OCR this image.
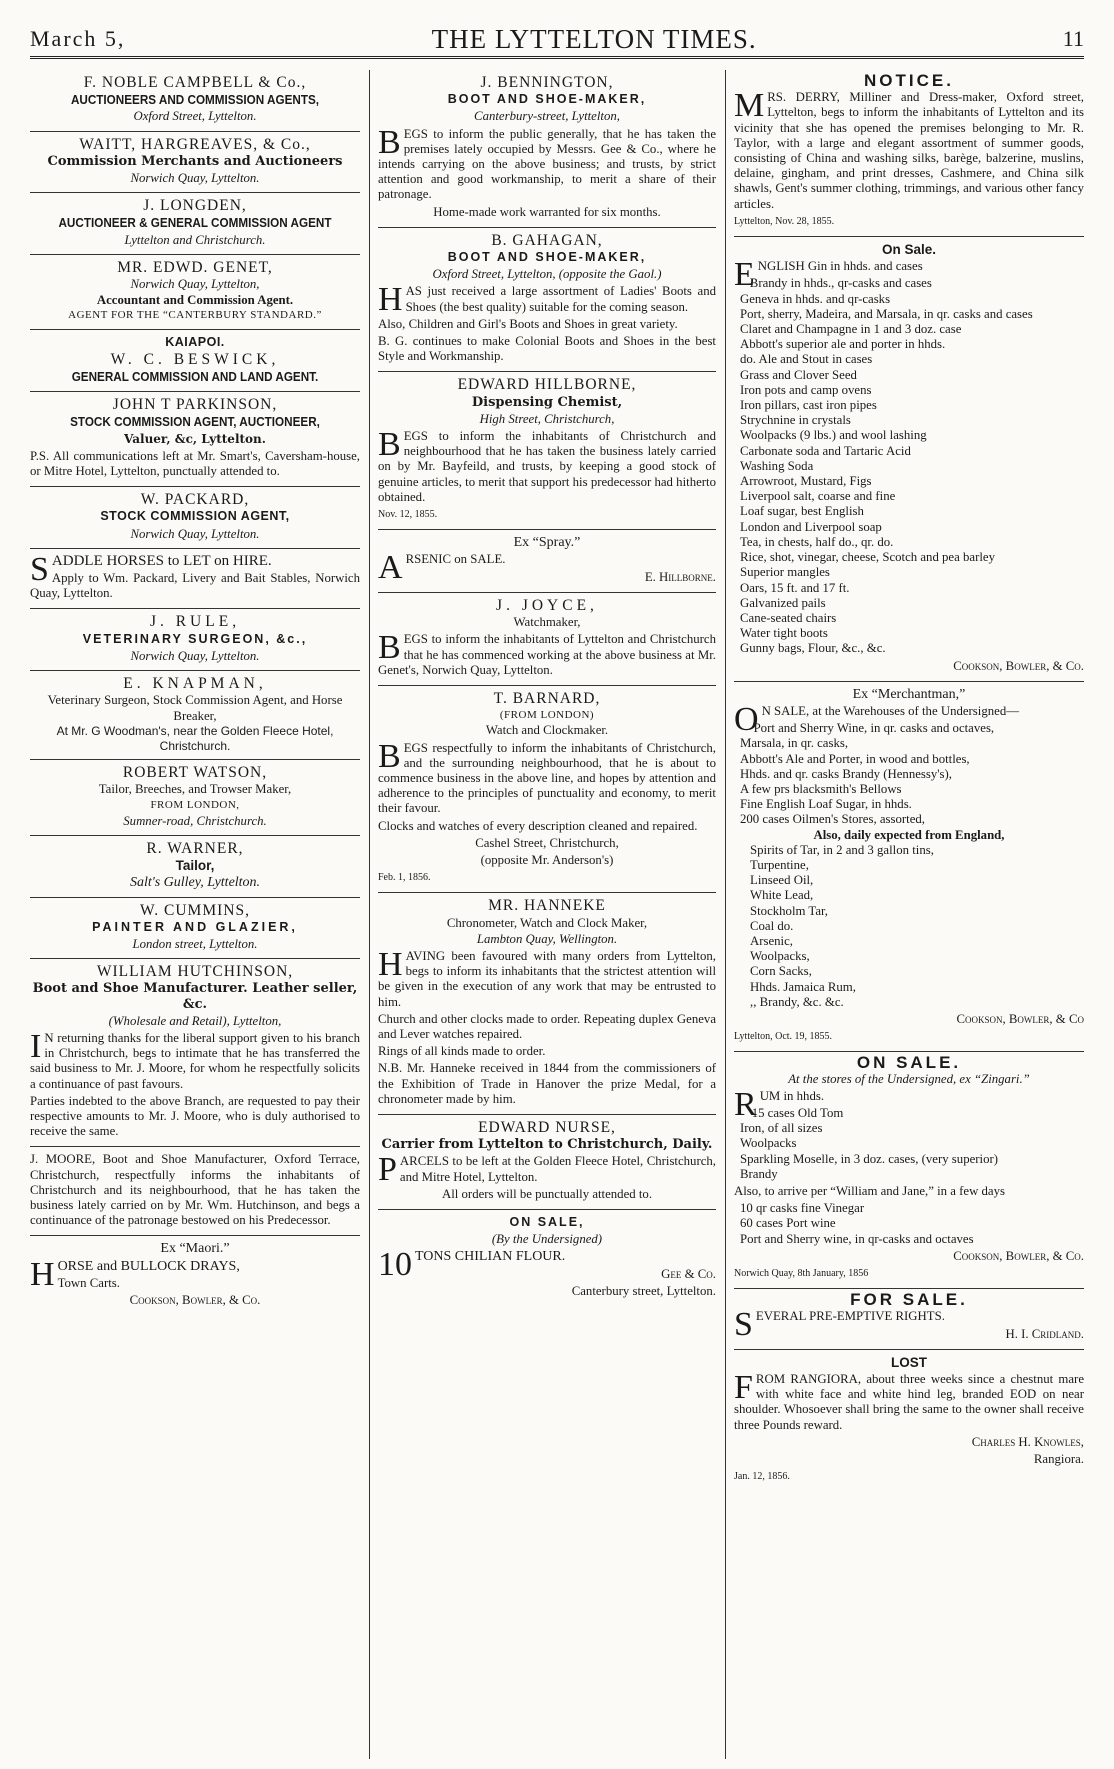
March 5,	THE LYTTELTON TIMES.	11
F. NOBLE CAMPBELL & Co.,
AUCTIONEERS AND COMMISSION AGENTS,
Oxford Street, Lyttelton.
WAITT, HARGREAVES, & Co.,
Commission Merchants and Auctioneers
Norwich Quay, Lyttelton.
J. LONGDEN,
AUCTIONEER & GENERAL COMMISSION AGENT
Lyttelton and Christchurch.
MR. EDWD. GENET,
Norwich Quay, Lyttelton,
Accountant and Commission Agent.
AGENT FOR THE “CANTERBURY STANDARD.”
KAIAPOI.
W. C. BESWICK,
GENERAL COMMISSION AND LAND AGENT.
JOHN T PARKINSON,
STOCK COMMISSION AGENT, AUCTIONEER,
Valuer, &c, Lyttelton.

P.S. All communications left at Mr. Smart's, Caversham-house, or Mitre Hotel, Lyttelton, punctually attended to.

W. PACKARD,
STOCK COMMISSION AGENT,
Norwich Quay, Lyttelton.

SADDLE HORSES to LET on HIRE.

Apply to Wm. Packard, Livery and Bait Stables, Norwich Quay, Lyttelton.

J. RULE,
VETERINARY SURGEON, &c.,
Norwich Quay, Lyttelton.
E. KNAPMAN,
Veterinary Surgeon, Stock Commission Agent, and Horse Breaker,
At Mr. G Woodman's, near the Golden Fleece Hotel, Christchurch.
ROBERT WATSON,
Tailor, Breeches, and Trowser Maker,
FROM LONDON,
Sumner-road, Christchurch.
R. WARNER,
Tailor,
Salt's Gulley, Lyttelton.
W. CUMMINS,
PAINTER AND GLAZIER,
London street, Lyttelton.
WILLIAM HUTCHINSON,
Boot and Shoe Manufacturer. Leather seller, &c.
(Wholesale and Retail), Lyttelton,

I N returning thanks for the liberal support given to his branch in Christchurch, begs to intimate that he has transferred the said business to Mr. J. Moore, for whom he respectfully solicits a continuance of past favours.

Parties indebted to the above Branch, are requested to pay their respective amounts to Mr. J. Moore, who is duly authorised to receive the same.

J. MOORE, Boot and Shoe Manufacturer, Oxford Terrace, Christchurch, respectfully informs the inhabitants of Christchurch and its neighbourhood, that he has taken the business lately carried on by Mr. Wm. Hutchinson, and begs a continuance of the patronage bestowed on his Predecessor.

Ex “Maori.”

HORSE and BULLOCK DRAYS,

Town Carts.

Cookson, Bowler, & Co.

J. BENNINGTON,
BOOT AND SHOE-MAKER,
Canterbury-street, Lyttelton,

BEGS to inform the public generally, that he has taken the premises lately occupied by Messrs. Gee & Co., where he intends carrying on the above business; and trusts, by strict attention and good workmanship, to merit a share of their patronage.

Home-made work warranted for six months.

B. GAHAGAN,
BOOT AND SHOE-MAKER,
Oxford Street, Lyttelton, (opposite the Gaol.)

HAS just received a large assortment of Ladies' Boots and Shoes (the best quality) suitable for the coming season.

Also, Children and Girl's Boots and Shoes in great variety.

B. G. continues to make Colonial Boots and Shoes in the best Style and Workmanship.

EDWARD HILLBORNE,
Dispensing Chemist,
High Street, Christchurch,

BEGS to inform the inhabitants of Christchurch and neighbourhood that he has taken the business lately carried on by Mr. Bayfeild, and trusts, by keeping a good stock of genuine articles, to merit that support his predecessor had hitherto obtained.

Nov. 12, 1855.

Ex “Spray.”

ARSENIC on SALE.

E. Hillborne.

J. JOYCE,
Watchmaker,

BEGS to inform the inhabitants of Lyttelton and Christchurch that he has commenced working at the above business at Mr. Genet's, Norwich Quay, Lyttelton.

T. BARNARD,
(FROM LONDON)
Watch and Clockmaker.

BEGS respectfully to inform the inhabitants of Christchurch, and the surrounding neighbourhood, that he is about to commence business in the above line, and hopes by attention and adherence to the principles of punctuality and economy, to merit their favour.

Clocks and watches of every description cleaned and repaired.

Cashel Street, Christchurch,

(opposite Mr. Anderson's)

Feb. 1, 1856.

MR. HANNEKE
Chronometer, Watch and Clock Maker,
Lambton Quay, Wellington.

HAVING been favoured with many orders from Lyttelton, begs to inform its inhabitants that the strictest attention will be given in the execution of any work that may be entrusted to him.

Church and other clocks made to order. Repeating duplex Geneva and Lever watches repaired.

Rings of all kinds made to order.

N.B. Mr. Hanneke received in 1844 from the commissioners of the Exhibition of Trade in Hanover the prize Medal, for a chronometer made by him.

EDWARD NURSE,
Carrier from Lyttelton to Christchurch, Daily.

PARCELS to be left at the Golden Fleece Hotel, Christchurch, and Mitre Hotel, Lyttelton.

All orders will be punctually attended to.

ON SALE,
(By the Undersigned)

10 TONS CHILIAN FLOUR.

Gee & Co.

Canterbury street, Lyttelton.

NOTICE.

MRS. DERRY, Milliner and Dress-maker, Oxford street, Lyttelton, begs to inform the inhabitants of Lyttelton and its vicinity that she has opened the premises belonging to Mr. R. Taylor, with a large and elegant assortment of summer goods, consisting of China and washing silks, barège, balzerine, muslins, delaine, gingham, and print dresses, Cashmere, and China silk shawls, Gent's summer clothing, trimmings, and various other fancy articles.

Lyttelton, Nov. 28, 1855.

On Sale.

ENGLISH Gin in hhds. and cases

Brandy in hhds., qr-casks and cases
Geneva in hhds. and qr-casks
Port, sherry, Madeira, and Marsala, in qr. casks and cases
Claret and Champagne in 1 and 3 doz. case
Abbott's superior ale and porter in hhds.
do. Ale and Stout in cases
Grass and Clover Seed
Iron pots and camp ovens
Iron pillars, cast iron pipes
Strychnine in crystals
Woolpacks (9 lbs.) and wool lashing
Carbonate soda and Tartaric Acid
Washing Soda
Arrowroot, Mustard, Figs
Liverpool salt, coarse and fine
Loaf sugar, best English
London and Liverpool soap
Tea, in chests, half do., qr. do.
Rice, shot, vinegar, cheese, Scotch and pea barley
Superior mangles
Oars, 15 ft. and 17 ft.
Galvanized pails
Cane-seated chairs
Water tight boots
Gunny bags, Flour, &c., &c.

Cookson, Bowler, & Co.

Ex “Merchantman,”

O N SALE, at the Warehouses of the Undersigned—

Port and Sherry Wine, in qr. casks and octaves,
Marsala, in qr. casks,
Abbott's Ale and Porter, in wood and bottles,
Hhds. and qr. casks Brandy (Hennessy's),
A few prs blacksmith's Bellows
Fine English Loaf Sugar, in hhds.
200 cases Oilmen's Stores, assorted,
Also, daily expected from England,
Spirits of Tar, in 2 and 3 gallon tins,
Turpentine,
Linseed Oil,
White Lead,
Stockholm Tar,
Coal do.
Arsenic,
Woolpacks,
Corn Sacks,
Hhds. Jamaica Rum,
,, Brandy, &c. &c.

Cookson, Bowler, & Co

Lyttelton, Oct. 19, 1855.

ON SALE.
At the stores of the Undersigned, ex “Zingari.”

RUM in hhds.

15 cases Old Tom
Iron, of all sizes
Woolpacks
Sparkling Moselle, in 3 doz. cases, (very superior)
Brandy

Also, to arrive per “William and Jane,” in a few days

10 qr casks fine Vinegar
60 cases Port wine
Port and Sherry wine, in qr-casks and octaves

Cookson, Bowler, & Co.

Norwich Quay, 8th January, 1856

FOR SALE.

SEVERAL PRE-EMPTIVE RIGHTS.

H. I. Cridland.

LOST

FROM RANGIORA, about three weeks since a chestnut mare with white face and white hind leg, branded EOD on near shoulder. Whosoever shall bring the same to the owner shall receive three Pounds reward.

Charles H. Knowles,

Rangiora.

Jan. 12, 1856.
